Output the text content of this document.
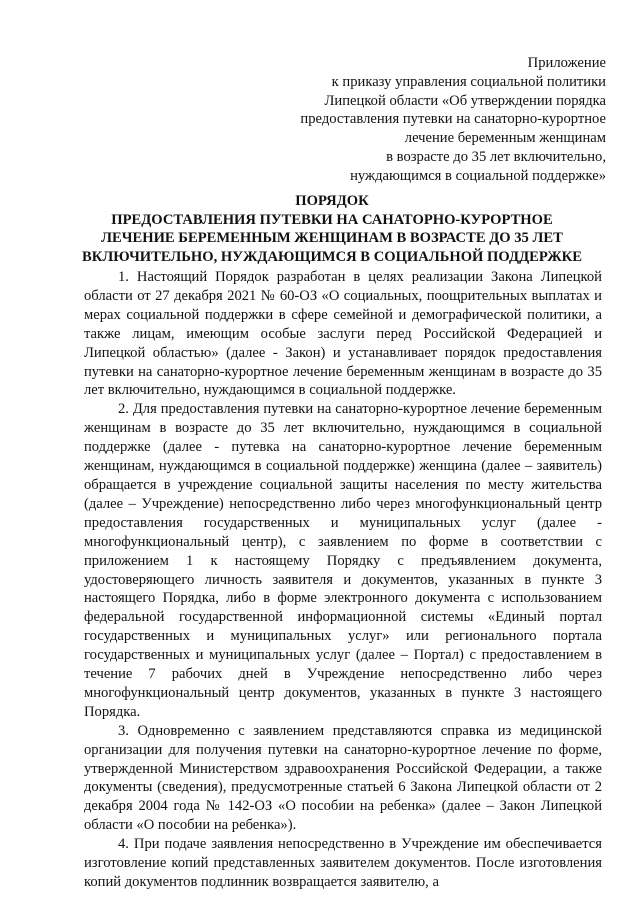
Приложение
к приказу управления социальной политики
Липецкой области «Об утверждении порядка
предоставления путевки на санаторно-курортное
лечение беременным женщинам
в возрасте до 35 лет включительно,
нуждающимся в социальной поддержке»
ПОРЯДОК
ПРЕДОСТАВЛЕНИЯ ПУТЕВКИ НА САНАТОРНО-КУРОРТНОЕ
ЛЕЧЕНИЕ БЕРЕМЕННЫМ ЖЕНЩИНАМ В ВОЗРАСТЕ ДО 35 ЛЕТ
ВКЛЮЧИТЕЛЬНО, НУЖДАЮЩИМСЯ В СОЦИАЛЬНОЙ ПОДДЕРЖКЕ

1. Настоящий Порядок разработан в целях реализации Закона Липецкой области от 27 декабря 2021 № 60-ОЗ «О социальных, поощрительных выплатах и мерах социальной поддержки в сфере семейной и демографической политики, а также лицам, имеющим особые заслуги перед Российской Федерацией и Липецкой областью» (далее - Закон) и устанавливает порядок предоставления путевки на санаторно-курортное лечение беременным женщинам в возрасте до 35 лет включительно, нуждающимся в социальной поддержке.

2. Для предоставления путевки на санаторно-курортное лечение беременным женщинам в возрасте до 35 лет включительно, нуждающимся в социальной поддержке (далее - путевка на санаторно-курортное лечение беременным женщинам, нуждающимся в социальной поддержке) женщина (далее – заявитель) обращается в учреждение социальной защиты населения по месту жительства (далее – Учреждение) непосредственно либо через многофункциональный центр предоставления государственных и муниципальных услуг (далее - многофункциональный центр), с заявлением по форме в соответствии с приложением 1 к настоящему Порядку с предъявлением документа, удостоверяющего личность заявителя и документов, указанных в пункте 3 настоящего Порядка, либо в форме электронного документа с использованием федеральной государственной информационной системы «Единый портал государственных и муниципальных услуг» или регионального портала государственных и муниципальных услуг (далее – Портал) с предоставлением в течение 7 рабочих дней в Учреждение непосредственно либо через многофункциональный центр документов, указанных в пункте 3 настоящего Порядка.

3. Одновременно с заявлением представляются справка из медицинской организации для получения путевки на санаторно-курортное лечение по форме, утвержденной Министерством здравоохранения Российской Федерации, а также документы (сведения), предусмотренные статьей 6 Закона Липецкой области от 2 декабря 2004 года № 142-ОЗ «О пособии на ребенка» (далее – Закон Липецкой области «О пособии на ребенка»).

4. При подаче заявления непосредственно в Учреждение им обеспечивается изготовление копий представленных заявителем документов. После изготовления копий документов подлинник возвращается заявителю, а
